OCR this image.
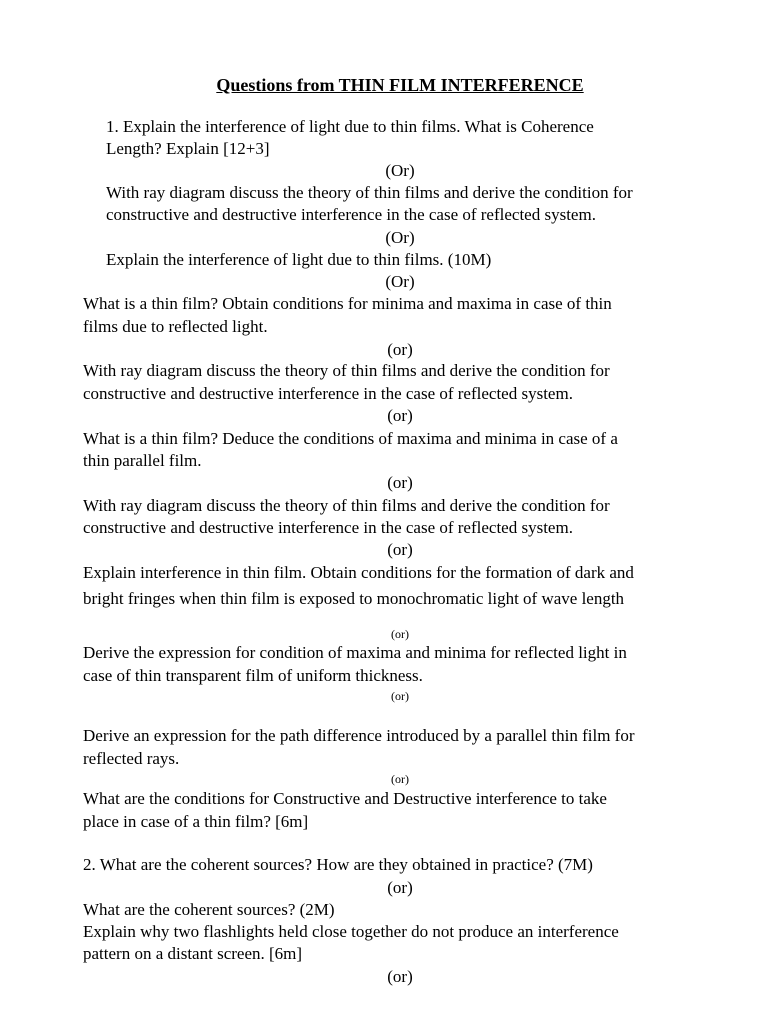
Questions from THIN FILM INTERFERENCE
1. Explain the interference of light due to thin films. What is Coherence
Length? Explain [12+3]
(Or)
With ray diagram discuss the theory of thin films and derive the condition for
constructive and destructive interference in the case of reflected system.
(Or)
Explain the interference of light due to thin films. (10M)
(Or)
What is a thin film? Obtain conditions for minima and maxima in case of thin
films due to reflected light.
(or)
With ray diagram discuss the theory of thin films and derive the condition for
constructive and destructive interference in the case of reflected system.
(or)
What is a thin film? Deduce the conditions of maxima and minima in case of a
thin parallel film.
(or)
With ray diagram discuss the theory of thin films and derive the condition for
constructive and destructive interference in the case of reflected system.
(or)
Explain interference in thin film. Obtain conditions for the formation of dark and
bright fringes when thin film is exposed to monochromatic light of wave length
(or)
Derive the expression for condition of maxima and minima for reflected light in
case of thin transparent film of uniform thickness.
(or)
Derive an expression for the path difference introduced by a parallel thin film for
reflected rays.
(or)
What are the conditions for Constructive and Destructive interference to take
place in case of a thin film? [6m]
2. What are the coherent sources? How are they obtained in practice? (7M)
(or)
What are the coherent sources? (2M)
Explain why two flashlights held close together do not produce an interference
pattern on a distant screen. [6m]
(or)
